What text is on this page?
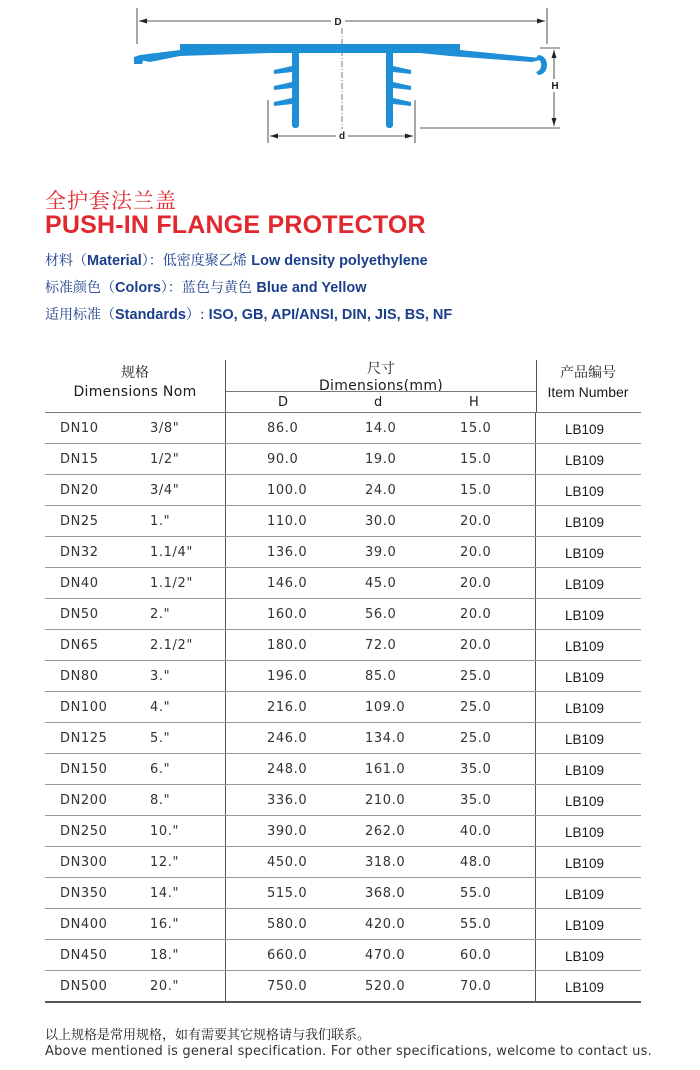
D
d
H
全护套法兰盖
PUSH-IN FLANGE PROTECTOR
材料（Material）：低密度聚乙烯 Low density polyethylene
标准颜色（Colors）：蓝色与黄色 Blue and Yellow
适用标准（Standards）: ISO, GB, API/ANSI, DIN, JIS, BS, NF
规格
Dimensions Nom
尺寸
Dimensions(mm)
D	d	H
产品编号
Item Number
DN10	3/8"	86.0	14.0	15.0	LB109
DN15	1/2"	90.0	19.0	15.0	LB109
DN20	3/4"	100.0	24.0	15.0	LB109
DN25	1."	110.0	30.0	20.0	LB109
DN32	1.1/4"	136.0	39.0	20.0	LB109
DN40	1.1/2"	146.0	45.0	20.0	LB109
DN50	2."	160.0	56.0	20.0	LB109
DN65	2.1/2"	180.0	72.0	20.0	LB109
DN80	3."	196.0	85.0	25.0	LB109
DN100	4."	216.0	109.0	25.0	LB109
DN125	5."	246.0	134.0	25.0	LB109
DN150	6."	248.0	161.0	35.0	LB109
DN200	8."	336.0	210.0	35.0	LB109
DN250	10."	390.0	262.0	40.0	LB109
DN300	12."	450.0	318.0	48.0	LB109
DN350	14."	515.0	368.0	55.0	LB109
DN400	16."	580.0	420.0	55.0	LB109
DN450	18."	660.0	470.0	60.0	LB109
DN500	20."	750.0	520.0	70.0	LB109
以上规格是常用规格，如有需要其它规格请与我们联系。
Above mentioned is general specification. For other specifications, welcome to contact us.
